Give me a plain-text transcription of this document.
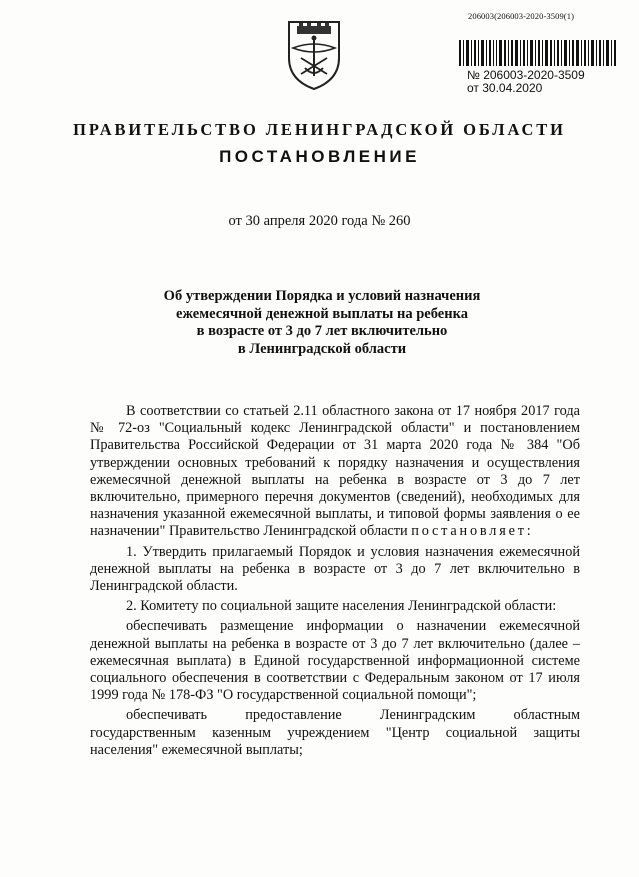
206003(206003-2020-3509(1)
№ 206003-2020-3509
от 30.04.2020
ПРАВИТЕЛЬСТВО ЛЕНИНГРАДСКОЙ ОБЛАСТИ
ПОСТАНОВЛЕНИЕ
от 30 апреля 2020 года № 260
Об утверждении Порядка и условий назначения
ежемесячной денежной выплаты на ребенка
в возрасте от 3 до 7 лет включительно
в Ленинградской области

В соответствии со статьей 2.11 областного закона от 17 ноября 2017 года № 72-оз "Социальный кодекс Ленинградской области" и постановлением Правительства Российской Федерации от 31 марта 2020 года № 384 "Об утверждении основных требований к порядку назначения и осуществления ежемесячной денежной выплаты на ребенка в возрасте от 3 до 7 лет включительно, примерного перечня документов (сведений), необходимых для назначения указанной ежемесячной выплаты, и типовой формы заявления о ее назначении" Правительство Ленинградской области постановляет:

1. Утвердить прилагаемый Порядок и условия назначения ежемесячной денежной выплаты на ребенка в возрасте от 3 до 7 лет включительно в Ленинградской области.

2. Комитету по социальной защите населения Ленинградской области:

обеспечивать размещение информации о назначении ежемесячной денежной выплаты на ребенка в возрасте от 3 до 7 лет включительно (далее – ежемесячная выплата) в Единой государственной информационной системе социального обеспечения в соответствии с Федеральным законом от 17 июля 1999 года № 178-ФЗ "О государственной социальной помощи";

обеспечивать предоставление Ленинградским областным государственным казенным учреждением "Центр социальной защиты населения" ежемесячной выплаты;
